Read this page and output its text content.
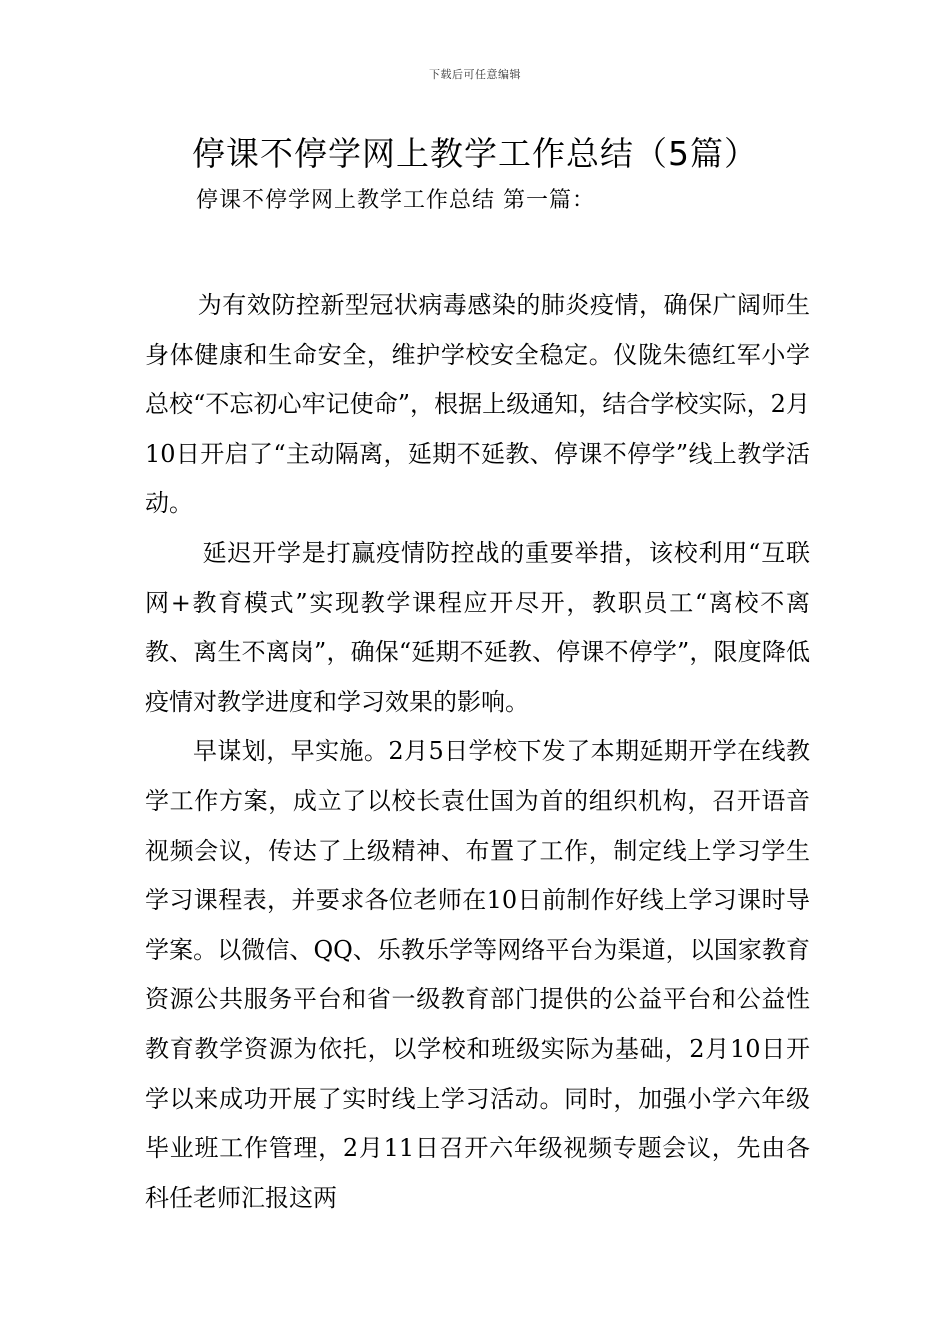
下载后可任意编辑
停课不停学网上教学工作总结（5篇）
停课不停学网上教学工作总结 第一篇：

为有效防控新型冠状病毒感染的肺炎疫情，确保广阔师生身体健康和生命安全，维护学校安全稳定。仪陇朱德红军小学总校“不忘初心牢记使命”，根据上级通知，结合学校实际，2月10日开启了“主动隔离，延期不延教、停课不停学”线上教学活动。

延迟开学是打赢疫情防控战的重要举措，该校利用“互联网+教育模式”实现教学课程应开尽开，教职员工“离校不离教、离生不离岗”，确保“延期不延教、停课不停学”，限度降低疫情对教学进度和学习效果的影响。

早谋划，早实施。2月5日学校下发了本期延期开学在线教学工作方案，成立了以校长袁仕国为首的组织机构，召开语音视频会议，传达了上级精神、布置了工作，制定线上学习学生学习课程表，并要求各位老师在10日前制作好线上学习课时导学案。以微信、QQ、乐教乐学等网络平台为渠道，以国家教育资源公共服务平台和省一级教育部门提供的公益平台和公益性教育教学资源为依托，以学校和班级实际为基础，2月10日开学以来成功开展了实时线上学习活动。同时，加强小学六年级毕业班工作管理，2月11日召开六年级视频专题会议，先由各科任老师汇报这两
